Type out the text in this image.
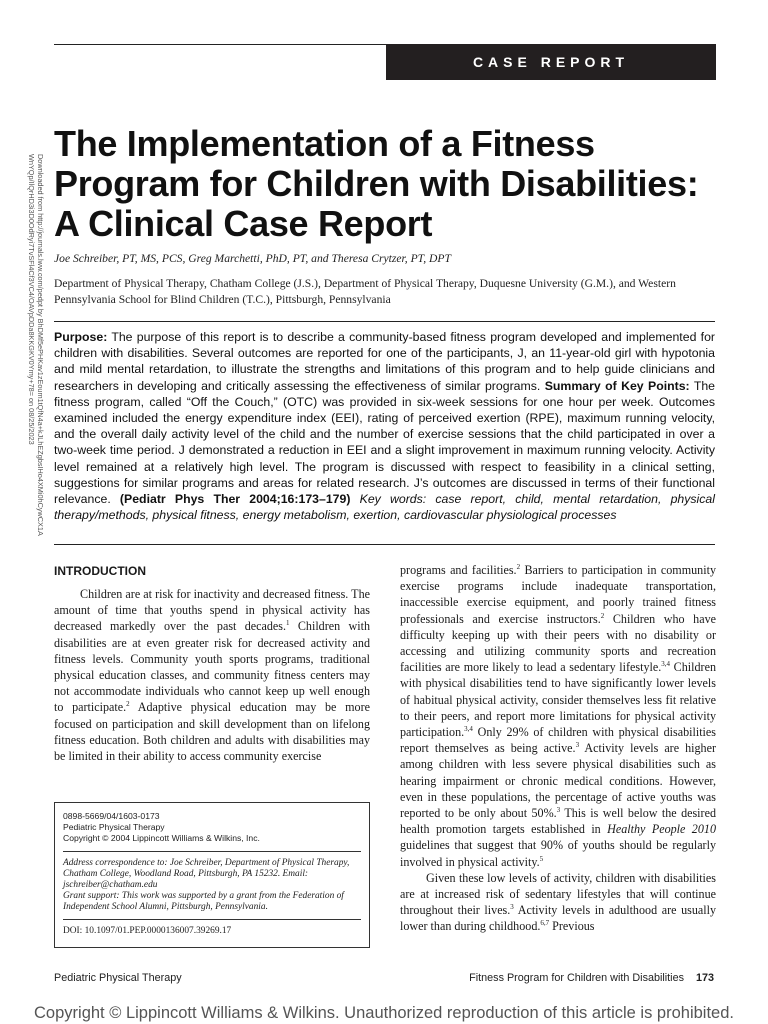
CASE REPORT
Downloaded from http://journals.lww.com/pedpt by BhDMf5ePHKav1zEoum1tQfN4a+kJLhEZgbsIHo4XMi0hCywCX1A
WnYQp/IlQrHD3i3D0OdRyi7TvSFl4Cf3VC4/OAVpDDa8KKGKV0Ymy+78= on 08/25/2023
The Implementation of a Fitness Program for Children with Disabilities: A Clinical Case Report
Joe Schreiber, PT, MS, PCS, Greg Marchetti, PhD, PT, and Theresa Crytzer, PT, DPT
Department of Physical Therapy, Chatham College (J.S.), Department of Physical Therapy, Duquesne University (G.M.), and Western Pennsylvania School for Blind Children (T.C.), Pittsburgh, Pennsylvania
Purpose: The purpose of this report is to describe a community-based fitness program developed and implemented for children with disabilities. Several outcomes are reported for one of the participants, J, an 11-year-old girl with hypotonia and mild mental retardation, to illustrate the strengths and limitations of this program and to help guide clinicians and researchers in developing and critically assessing the effectiveness of similar programs. Summary of Key Points: The fitness program, called “Off the Couch,” (OTC) was provided in six-week sessions for one hour per week. Outcomes examined included the energy expenditure index (EEI), rating of perceived exertion (RPE), maximum running velocity, and the overall daily activity level of the child and the number of exercise sessions that the child participated in over a two-week time period. J demonstrated a reduction in EEI and a slight improvement in maximum running velocity. Activity level remained at a relatively high level. The program is discussed with respect to feasibility in a clinical setting, suggestions for similar programs and areas for related research. J’s outcomes are discussed in terms of their functional relevance. (Pediatr Phys Ther 2004;16:173–179) Key words: case report, child, mental retardation, physical therapy/methods, physical fitness, energy metabolism, exertion, cardiovascular physiological processes
INTRODUCTION

Children are at risk for inactivity and decreased fitness. The amount of time that youths spend in physical activity has decreased markedly over the past decades.$^1$ Children with disabilities are at even greater risk for decreased activity and fitness levels. Community youth sports programs, traditional physical education classes, and community fitness centers may not accommodate individuals who cannot keep up well enough to participate.$^2$ Adaptive physical education may be more focused on participation and skill development than on lifelong fitness education. Both children and adults with disabilities may be limited in their ability to access community exercise

programs and facilities.$^2$ Barriers to participation in community exercise programs include inadequate transportation, inaccessible exercise equipment, and poorly trained fitness professionals and exercise instructors.$^2$ Children who have difficulty keeping up with their peers with no disability or accessing and utilizing community sports and recreation facilities are more likely to lead a sedentary lifestyle.$^{3,4}$ Children with physical disabilities tend to have significantly lower levels of habitual physical activity, consider themselves less fit relative to their peers, and report more limitations for physical activity participation.$^{3,4}$ Only 29% of children with physical disabilities report themselves as being active.$^3$ Activity levels are higher among children with less severe physical disabilities such as hearing impairment or chronic medical conditions. However, even in these populations, the percentage of active youths was reported to be only about 50%.$^3$ This is well below the desired health promotion targets established in Healthy People 2010 guidelines that suggest that 90% of youths should be regularly involved in physical activity.$^5$

Given these low levels of activity, children with disabilities are at increased risk of sedentary lifestyles that will continue throughout their lives.$^3$ Activity levels in adulthood are usually lower than during childhood.$^{6,7}$ Previous

0898-5669/04/1603-0173
Pediatric Physical Therapy
Copyright © 2004 Lippincott Williams & Wilkins, Inc.
Address correspondence to: Joe Schreiber, Department of Physical Therapy, Chatham College, Woodland Road, Pittsburgh, PA 15232. Email: jschreiber@chatham.edu
Grant support: This work was supported by a grant from the Federation of Independent School Alumni, Pittsburgh, Pennsylvania.
DOI: 10.1097/01.PEP.0000136007.39269.17
Pediatric Physical Therapy	Fitness Program for Children with Disabilities 173
Copyright © Lippincott Williams & Wilkins. Unauthorized reproduction of this article is prohibited.
